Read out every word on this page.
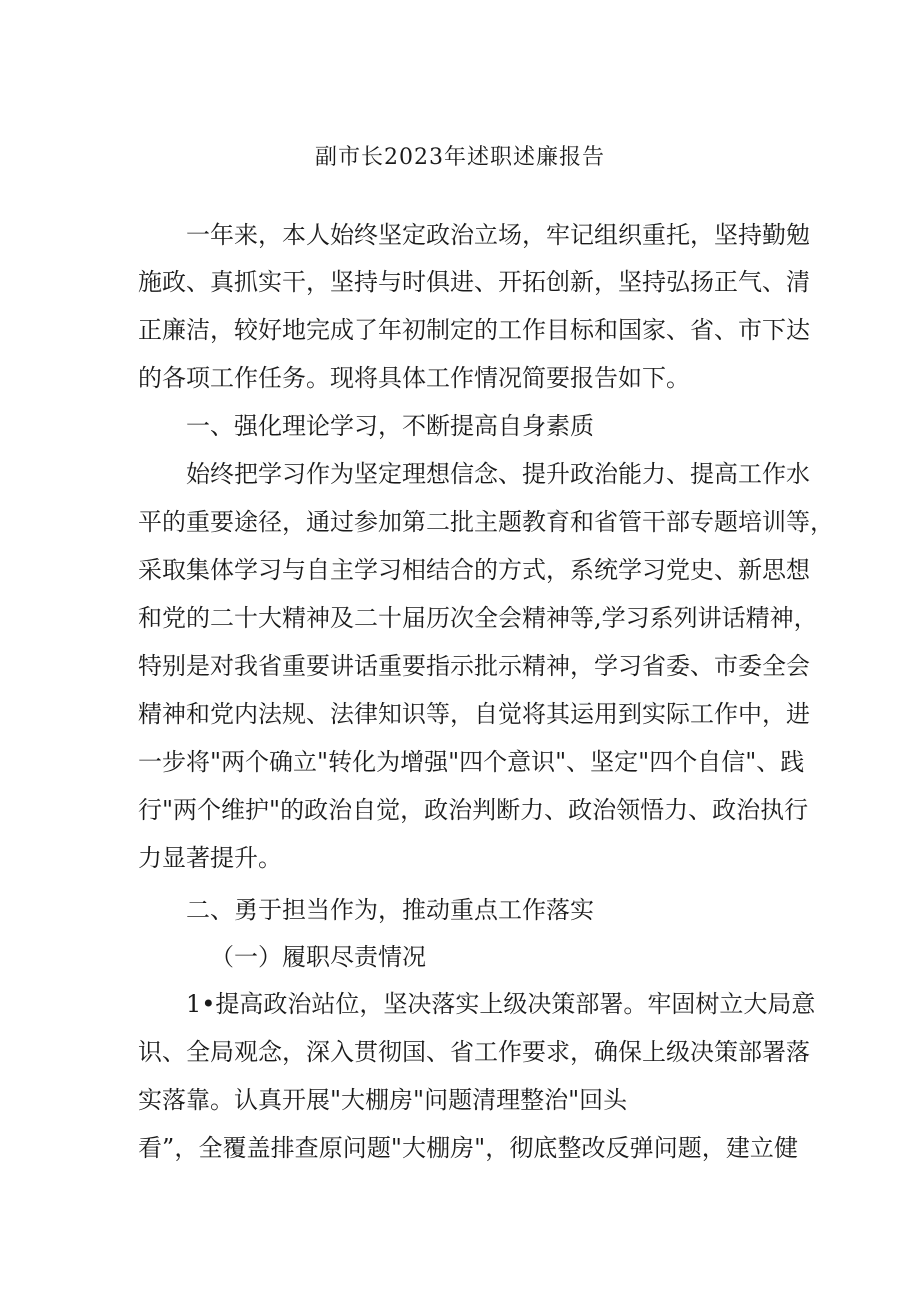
副市长2023年述职述廉报告

一年来，本人始终坚定政治立场，牢记组织重托，坚持勤勉

施政、真抓实干，坚持与时俱进、开拓创新，坚持弘扬正气、清

正廉洁，较好地完成了年初制定的工作目标和国家、省、市下达

的各项工作任务。现将具体工作情况简要报告如下。

一、强化理论学习，不断提高自身素质

始终把学习作为坚定理想信念、提升政治能力、提高工作水

平的重要途径，通过参加第二批主题教育和省管干部专题培训等，

采取集体学习与自主学习相结合的方式，系统学习党史、新思想

和党的二十大精神及二十届历次全会精神等,学习系列讲话精神，

特别是对我省重要讲话重要指示批示精神，学习省委、市委全会

精神和党内法规、法律知识等，自觉将其运用到实际工作中，进

一步将"两个确立"转化为增强"四个意识"、坚定"四个自信"、践

行"两个维护"的政治自觉，政治判断力、政治领悟力、政治执行

力显著提升。

二、勇于担当作为，推动重点工作落实

（一）履职尽责情况

1•提高政治站位，坚决落实上级决策部署。牢固树立大局意

识、全局观念，深入贯彻国、省工作要求，确保上级决策部署落

实落靠。认真开展"大棚房"问题清理整治"回头

看”，全覆盖排查原问题"大棚房"，彻底整改反弹问题，建立健
